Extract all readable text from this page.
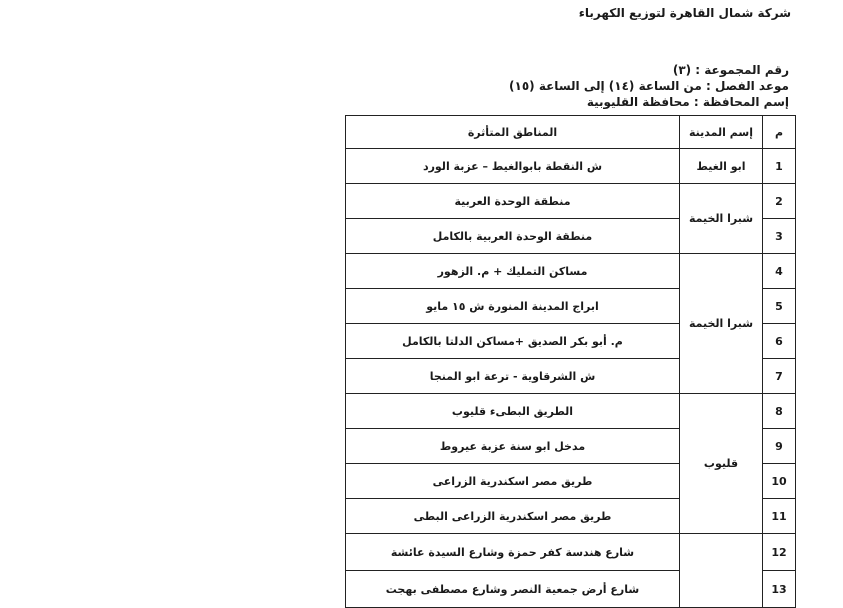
شركة شمال القاهرة لتوزيع الكهرباء
رقم المجموعة : (٣)
موعد الفصل : من الساعة (١٤) إلى الساعة (١٥)
إسم المحافظة : محافظة القليوبية
م	إسم المدينة	المناطق المتأثرة
1	ابو الغيط	ش النقطة بابوالغيط – عزبة الورد
2	شبرا الخيمة	منطقة الوحدة العربية
3		منطقة الوحدة العربية بالكامل
4	شبرا الخيمة	مساكن التمليك + م. الزهور
5		ابراج المدينة المنورة ش ١٥ مايو
6		م. أبو بكر الصديق +مساكن الدلتا بالكامل
7		ش الشرقاوية - ترعة ابو المنجا
8	قليوب	الطريق البطىء قليوب
9		مدخل ابو سنة عزبة عيروط
10		طريق مصر اسكندرية الزراعى
11		طريق مصر اسكندرية الزراعى البطى
12		شارع هندسة كفر حمزة وشارع السيدة عائشة
13		شارع أرض جمعية النصر وشارع مصطفى بهجت
